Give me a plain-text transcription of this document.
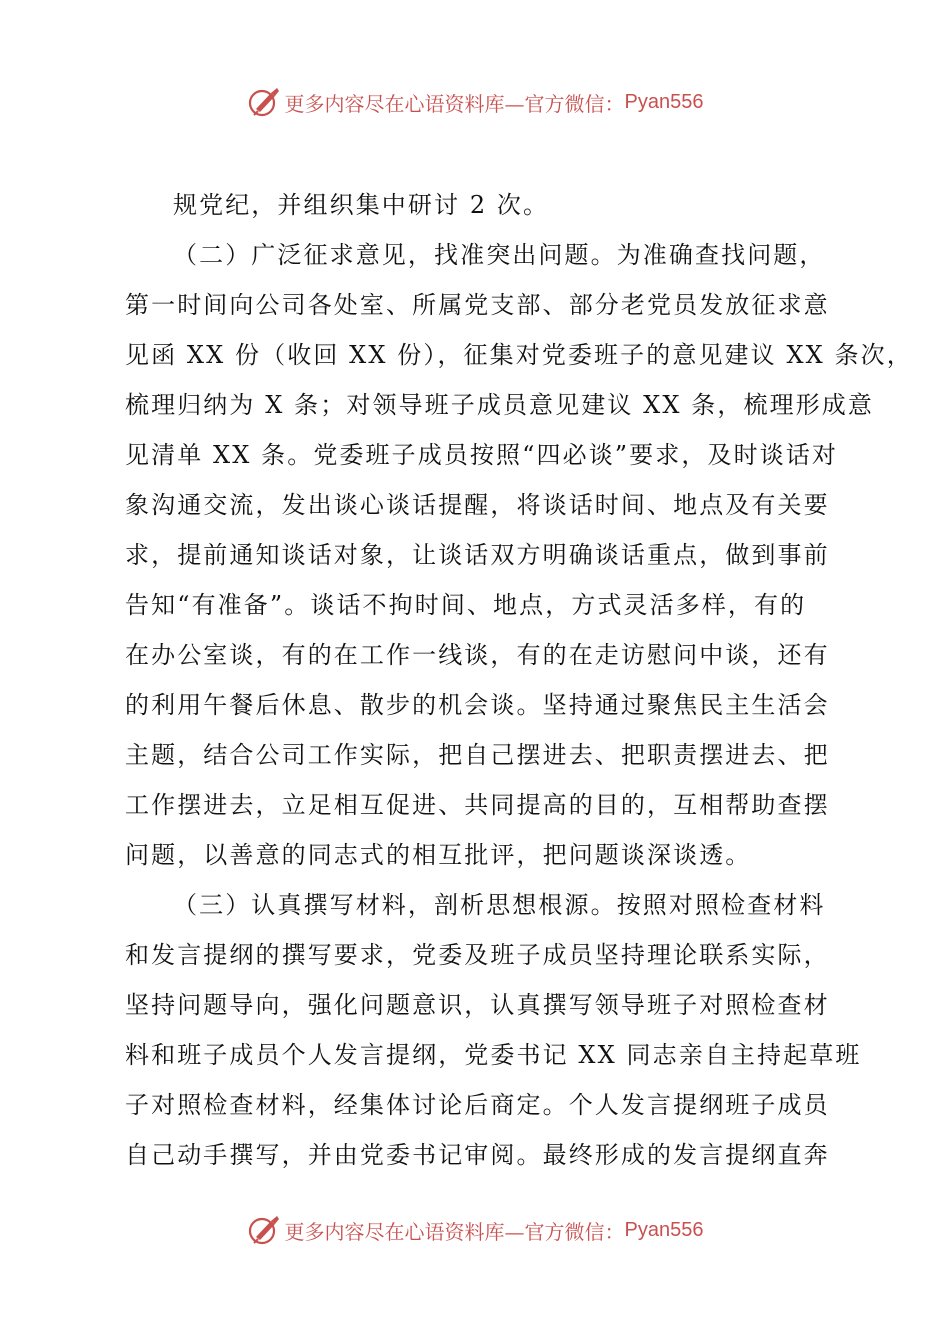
更多内容尽在心语资料库—官方微信： Pyan556
规党纪，并组织集中研讨 2 次。
（二）广泛征求意见，找准突出问题。为准确查找问题，
第一时间向公司各处室、所属党支部、部分老党员发放征求意
见函 XX 份（收回 XX 份），征集对党委班子的意见建议 XX 条次，
梳理归纳为 X 条；对领导班子成员意见建议 XX 条，梳理形成意
见清单 XX 条。党委班子成员按照“四必谈”要求，及时谈话对
象沟通交流，发出谈心谈话提醒，将谈话时间、地点及有关要
求，提前通知谈话对象，让谈话双方明确谈话重点，做到事前
告知“有准备”。谈话不拘时间、地点，方式灵活多样，有的
在办公室谈，有的在工作一线谈，有的在走访慰问中谈，还有
的利用午餐后休息、散步的机会谈。坚持通过聚焦民主生活会
主题，结合公司工作实际，把自己摆进去、把职责摆进去、把
工作摆进去，立足相互促进、共同提高的目的，互相帮助查摆
问题，以善意的同志式的相互批评，把问题谈深谈透。
（三）认真撰写材料，剖析思想根源。按照对照检查材料
和发言提纲的撰写要求，党委及班子成员坚持理论联系实际，
坚持问题导向，强化问题意识，认真撰写领导班子对照检查材
料和班子成员个人发言提纲，党委书记 XX 同志亲自主持起草班
子对照检查材料，经集体讨论后商定。个人发言提纲班子成员
自己动手撰写，并由党委书记审阅。最终形成的发言提纲直奔
更多内容尽在心语资料库—官方微信： Pyan556
